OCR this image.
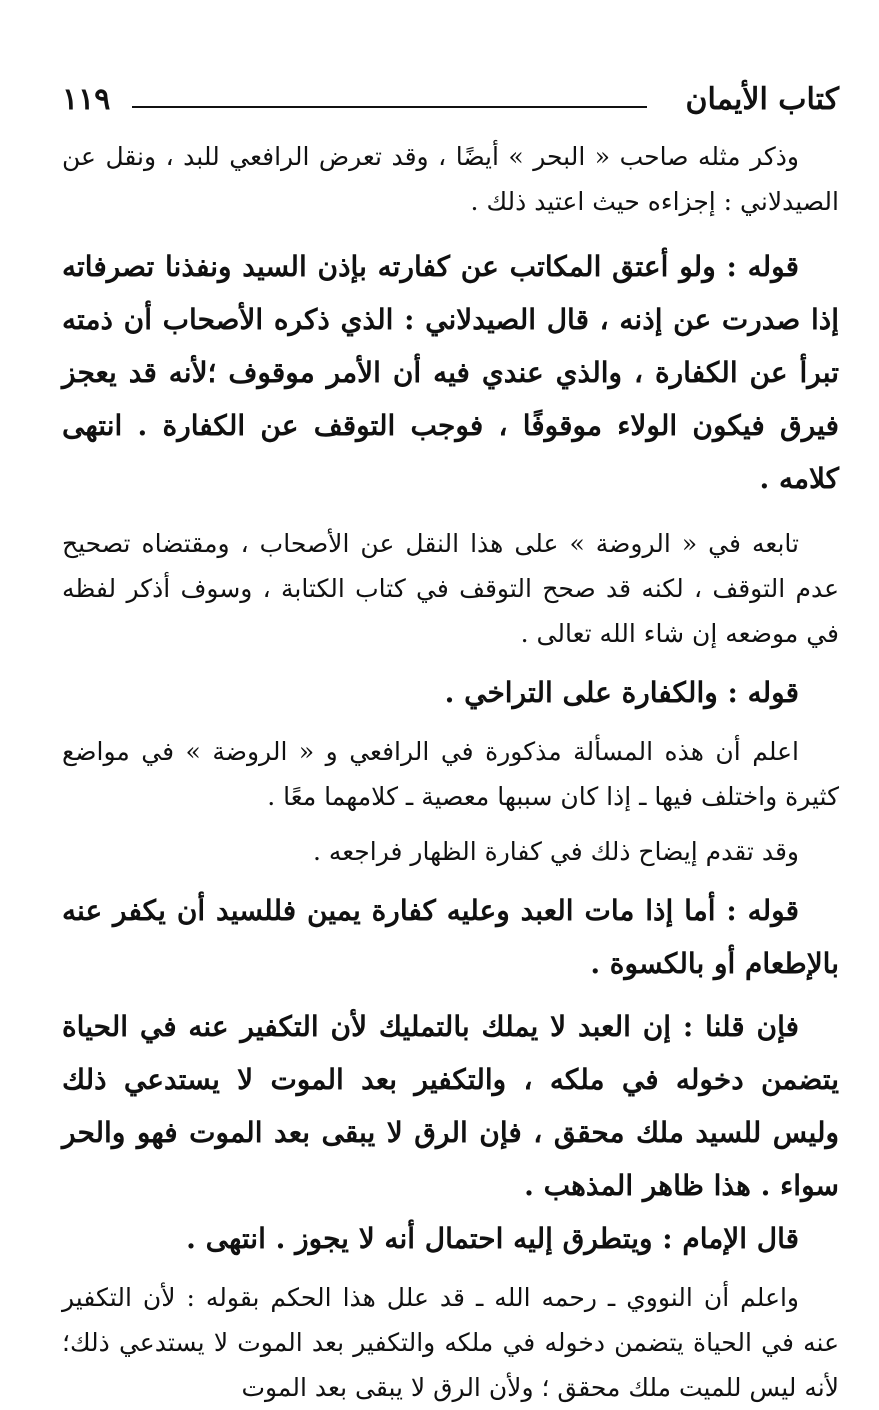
كتاب الأيمان
١١٩

وذكر مثله صاحب « البحر » أيضًا ، وقد تعرض الرافعي للبد ، ونقل عن الصيدلاني : إجزاءه حيث اعتيد ذلك .

قوله : ولو أعتق المكاتب عن كفارته بإذن السيد ونفذنا تصرفاته إذا صدرت عن إذنه ، قال الصيدلاني : الذي ذكره الأصحاب أن ذمته تبرأ عن الكفارة ، والذي عندي فيه أن الأمر موقوف ؛لأنه قد يعجز فيرق فيكون الولاء موقوفًا ، فوجب التوقف عن الكفارة . انتهى كلامه .

تابعه في « الروضة » على هذا النقل عن الأصحاب ، ومقتضاه تصحيح عدم التوقف ، لكنه قد صحح التوقف في كتاب الكتابة ، وسوف أذكر لفظه في موضعه إن شاء الله تعالى .

قوله : والكفارة على التراخي .

اعلم أن هذه المسألة مذكورة في الرافعي و « الروضة » في مواضع كثيرة واختلف فيها ـ إذا كان سببها معصية ـ كلامهما معًا .

وقد تقدم إيضاح ذلك في كفارة الظهار فراجعه .

قوله : أما إذا مات العبد وعليه كفارة يمين فللسيد أن يكفر عنه بالإطعام أو بالكسوة .

فإن قلنا : إن العبد لا يملك بالتمليك لأن التكفير عنه في الحياة يتضمن دخوله في ملكه ، والتكفير بعد الموت لا يستدعي ذلك وليس للسيد ملك محقق ، فإن الرق لا يبقى بعد الموت فهو والحر سواء . هذا ظاهر المذهب .

قال الإمام : ويتطرق إليه احتمال أنه لا يجوز . انتهى .

واعلم أن النووي ـ رحمه الله ـ قد علل هذا الحكم بقوله : لأن التكفير عنه في الحياة يتضمن دخوله في ملكه والتكفير بعد الموت لا يستدعي ذلك؛ لأنه ليس للميت ملك محقق ؛ ولأن الرق لا يبقى بعد الموت
